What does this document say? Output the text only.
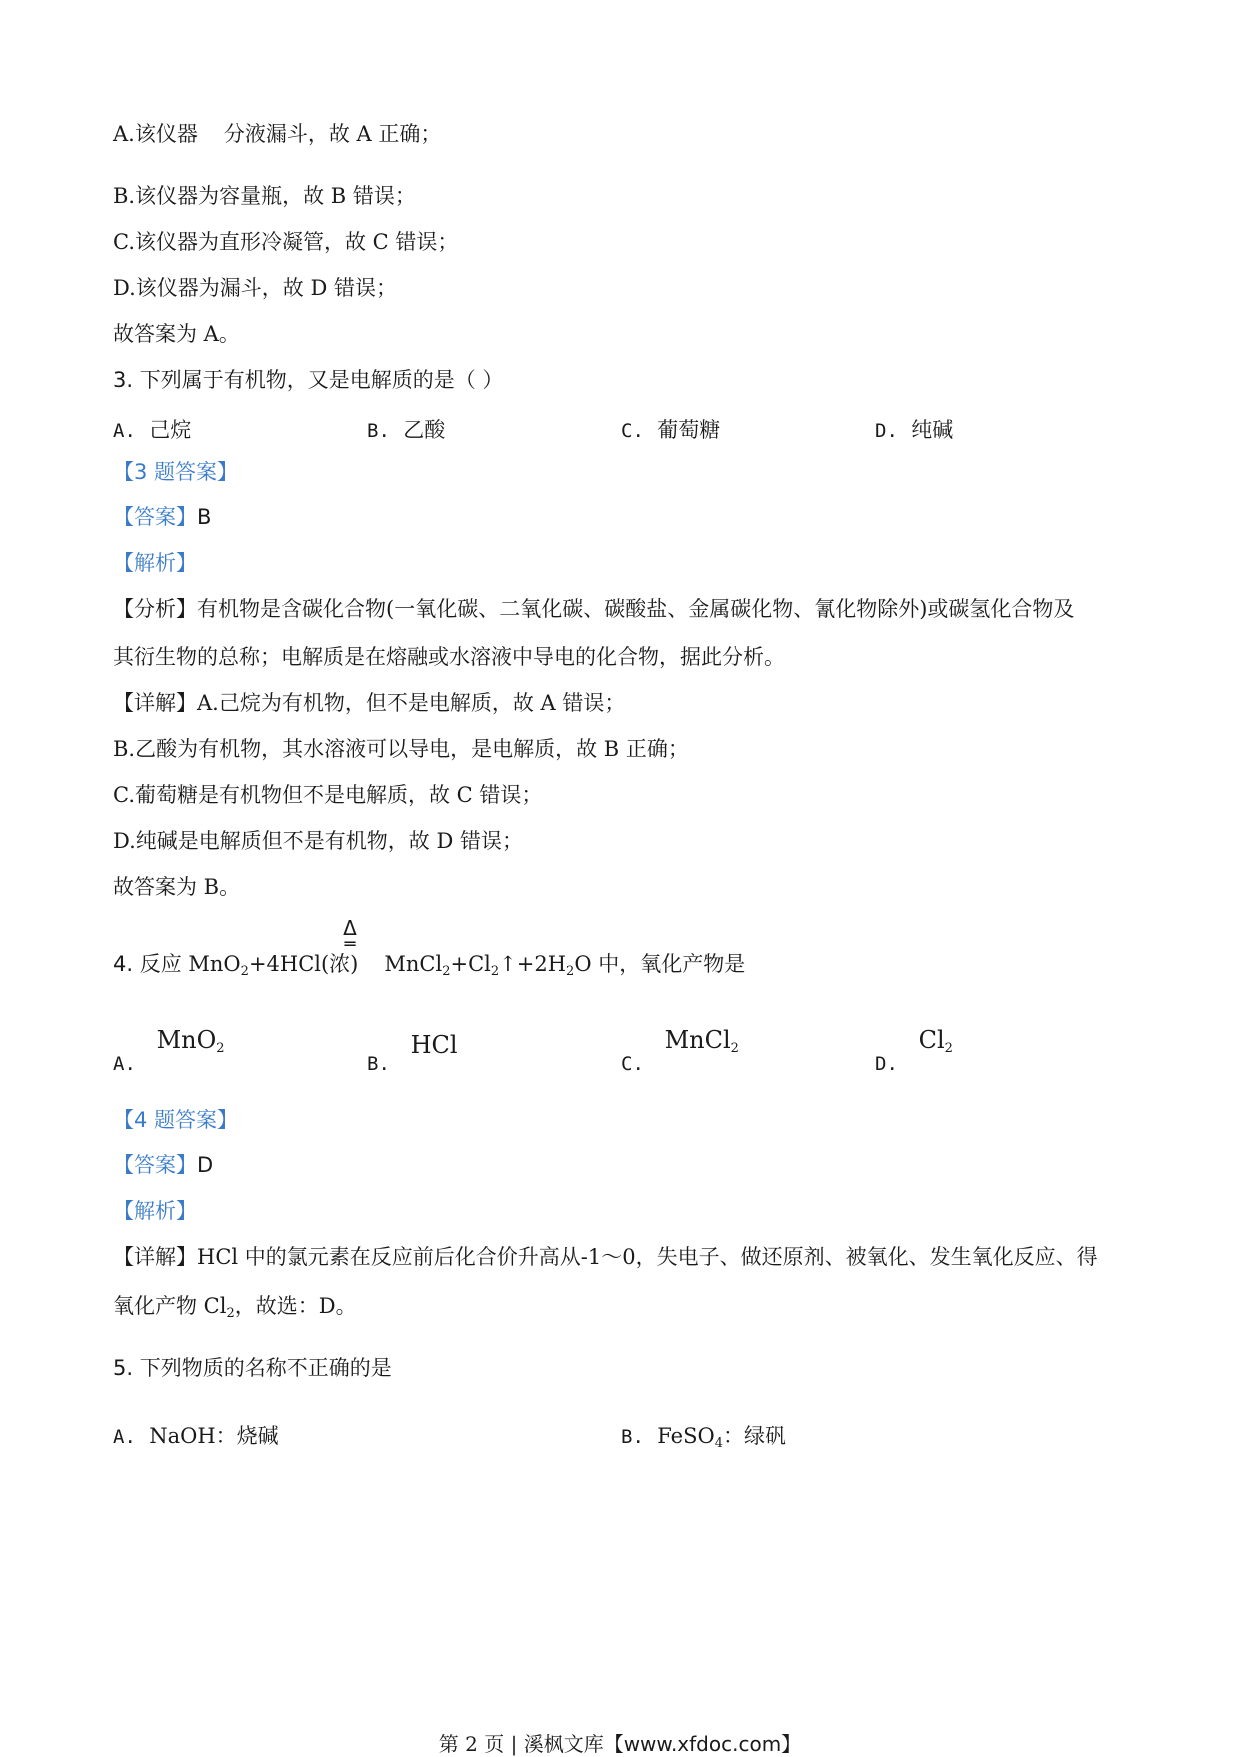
A.该仪器 分液漏斗，故 A 正确；
B.该仪器为容量瓶，故 B 错误；
C.该仪器为直形冷凝管，故 C 错误；
D.该仪器为漏斗，故 D 错误；
故答案为 A。
3. 下列属于有机物，又是电解质的是（ ）
A. 己烷	B. 乙酸	C. 葡萄糖	D. 纯碱
【3 题答案】
【答案】B
【解析】
【分析】有机物是含碳化合物(一氧化碳、二氧化碳、碳酸盐、金属碳化物、氰化物除外)或碳氢化合物及
其衍生物的总称；电解质是在熔融或水溶液中导电的化合物，据此分析。
【详解】A.己烷为有机物，但不是电解质，故 A 错误；
B.乙酸为有机物，其水溶液可以导电，是电解质，故 B 正确；
C.葡萄糖是有机物但不是电解质，故 C 错误；
D.纯碱是电解质但不是有机物，故 D 错误；
故答案为 B。
Δ
═
4. 反应 MnO$_2$+4HCl(浓) $MnCl_2+Cl_2↑+2H_2O$ 中，氧化产物是
A. MnO$_2$
B. HCl
C. MnCl$_2$
D. $Cl_2$
【4 题答案】
【答案】D
【解析】
【详解】HCl 中的氯元素在反应前后化合价升高从-1～0，失电子、做还原剂、被氧化、发生氧化反应、得
氧化产物 $Cl_2$，故选：D。
5. 下列物质的名称不正确的是
A. NaOH：烧碱	B. FeSO$_4$：绿矾
第 2 页 | 溪枫文库【www.xfdoc.com】
